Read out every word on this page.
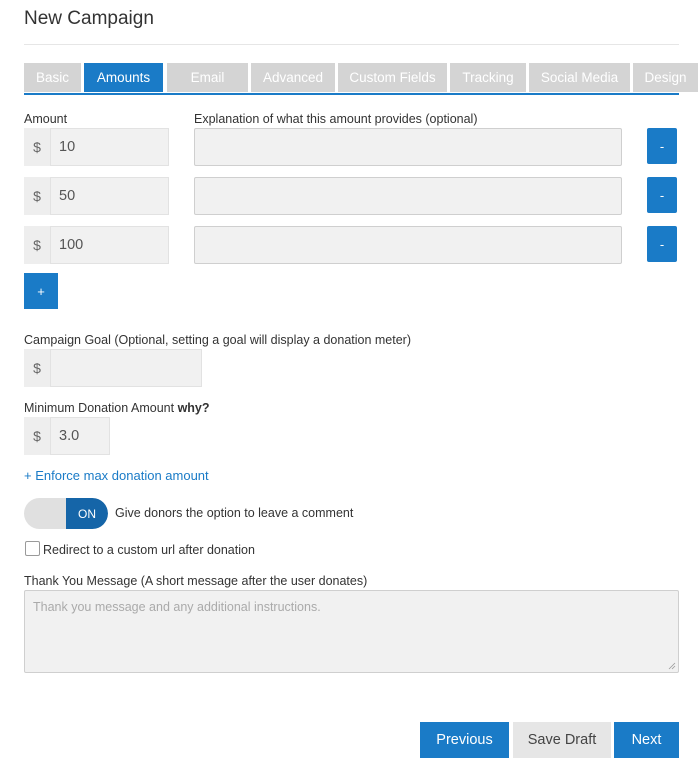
New Campaign
Basic	Amounts	Email	Advanced	Custom Fields	Tracking	Social Media	Design
Amount	Explanation of what this amount provides (optional)
$	10	-
$	50	-
$	100	-
+
Campaign Goal (Optional, setting a goal will display a donation meter)
$
Minimum Donation Amount why?
$	3.0
+ Enforce max donation amount
ON	Give donors the option to leave a comment
Redirect to a custom url after donation
Thank You Message (A short message after the user donates)
Thank you message and any additional instructions.
Previous	Save Draft	Next
